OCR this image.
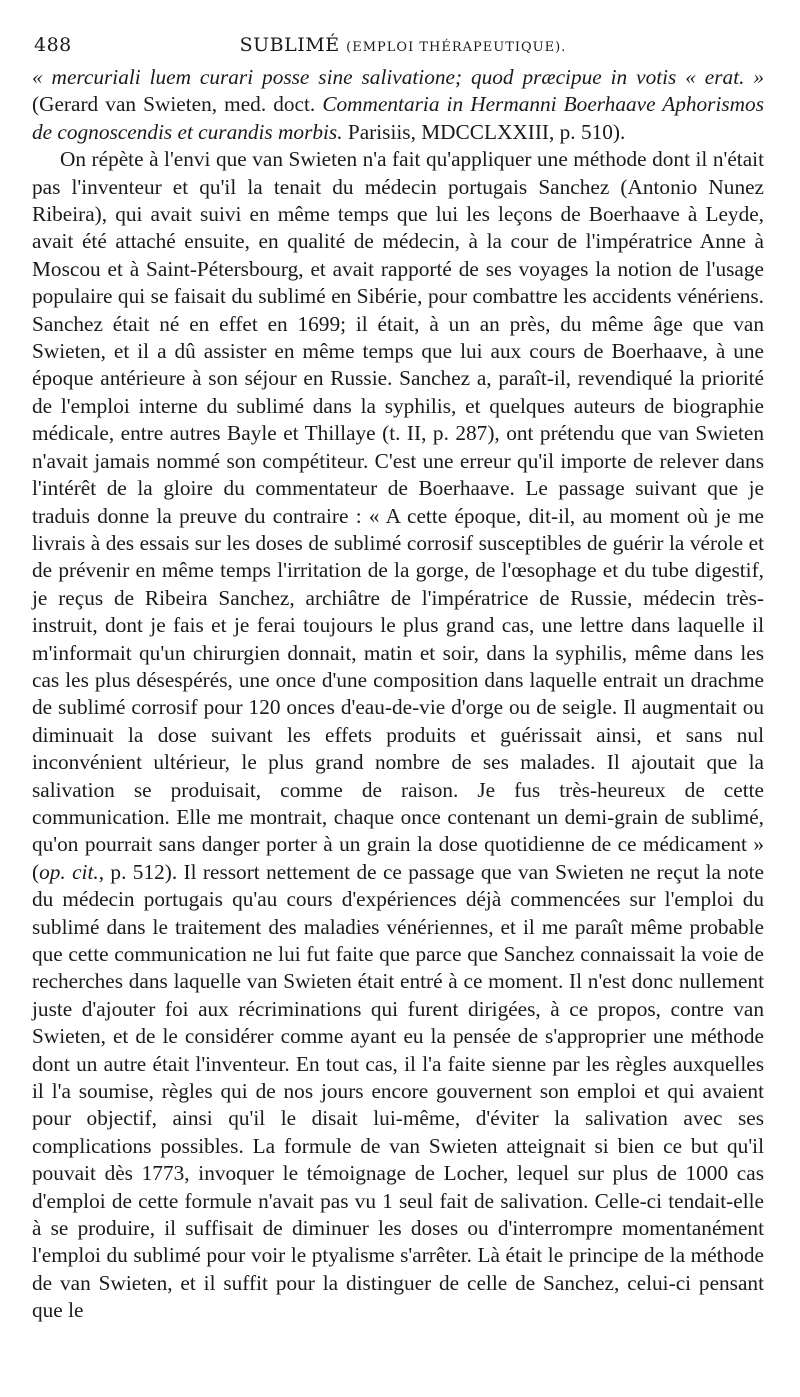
488	SUBLIMÉ (EMPLOI THÉRAPEUTIQUE).

« mercuriali luem curari posse sine salivatione; quod præcipue in votis « erat. » (Gerard van Swieten, med. doct. Commentaria in Hermanni Boerhaave Aphorismos de cognoscendis et curandis morbis. Parisiis, MDCCLXXIII, p. 510).

On répète à l'envi que van Swieten n'a fait qu'appliquer une méthode dont il n'était pas l'inventeur et qu'il la tenait du médecin portugais Sanchez (Antonio Nunez Ribeira), qui avait suivi en même temps que lui les leçons de Boerhaave à Leyde, avait été attaché ensuite, en qualité de médecin, à la cour de l'impératrice Anne à Moscou et à Saint-Pétersbourg, et avait rapporté de ses voyages la notion de l'usage populaire qui se faisait du sublimé en Sibérie, pour combattre les accidents vénériens. Sanchez était né en effet en 1699; il était, à un an près, du même âge que van Swieten, et il a dû assister en même temps que lui aux cours de Boerhaave, à une époque antérieure à son séjour en Russie. Sanchez a, paraît-il, revendiqué la priorité de l'emploi interne du sublimé dans la syphilis, et quelques auteurs de biographie médicale, entre autres Bayle et Thillaye (t. II, p. 287), ont prétendu que van Swieten n'avait jamais nommé son compétiteur. C'est une erreur qu'il importe de relever dans l'intérêt de la gloire du commentateur de Boerhaave. Le passage suivant que je traduis donne la preuve du contraire : « A cette époque, dit-il, au moment où je me livrais à des essais sur les doses de sublimé corrosif susceptibles de guérir la vérole et de prévenir en même temps l'irritation de la gorge, de l'œsophage et du tube digestif, je reçus de Ribeira Sanchez, archiâtre de l'impératrice de Russie, médecin très-instruit, dont je fais et je ferai toujours le plus grand cas, une lettre dans laquelle il m'informait qu'un chirurgien donnait, matin et soir, dans la syphilis, même dans les cas les plus désespérés, une once d'une composition dans laquelle entrait un drachme de sublimé corrosif pour 120 onces d'eau-de-vie d'orge ou de seigle. Il augmentait ou diminuait la dose suivant les effets produits et guérissait ainsi, et sans nul inconvénient ultérieur, le plus grand nombre de ses malades. Il ajoutait que la salivation se produisait, comme de raison. Je fus très-heureux de cette communication. Elle me montrait, chaque once contenant un demi-grain de sublimé, qu'on pourrait sans danger porter à un grain la dose quotidienne de ce médicament » (op. cit., p. 512). Il ressort nettement de ce passage que van Swieten ne reçut la note du médecin portugais qu'au cours d'expériences déjà commencées sur l'emploi du sublimé dans le traitement des maladies vénériennes, et il me paraît même probable que cette communication ne lui fut faite que parce que Sanchez connaissait la voie de recherches dans laquelle van Swieten était entré à ce moment. Il n'est donc nullement juste d'ajouter foi aux récriminations qui furent dirigées, à ce propos, contre van Swieten, et de le considérer comme ayant eu la pensée de s'approprier une méthode dont un autre était l'inventeur. En tout cas, il l'a faite sienne par les règles auxquelles il l'a soumise, règles qui de nos jours encore gouvernent son emploi et qui avaient pour objectif, ainsi qu'il le disait lui-même, d'éviter la salivation avec ses complications possibles. La formule de van Swieten atteignait si bien ce but qu'il pouvait dès 1773, invoquer le témoignage de Locher, lequel sur plus de 1000 cas d'emploi de cette formule n'avait pas vu 1 seul fait de salivation. Celle-ci tendait-elle à se produire, il suffisait de diminuer les doses ou d'interrompre momentanément l'emploi du sublimé pour voir le ptyalisme s'arrêter. Là était le principe de la méthode de van Swieten, et il suffit pour la distinguer de celle de Sanchez, celui-ci pensant que le
